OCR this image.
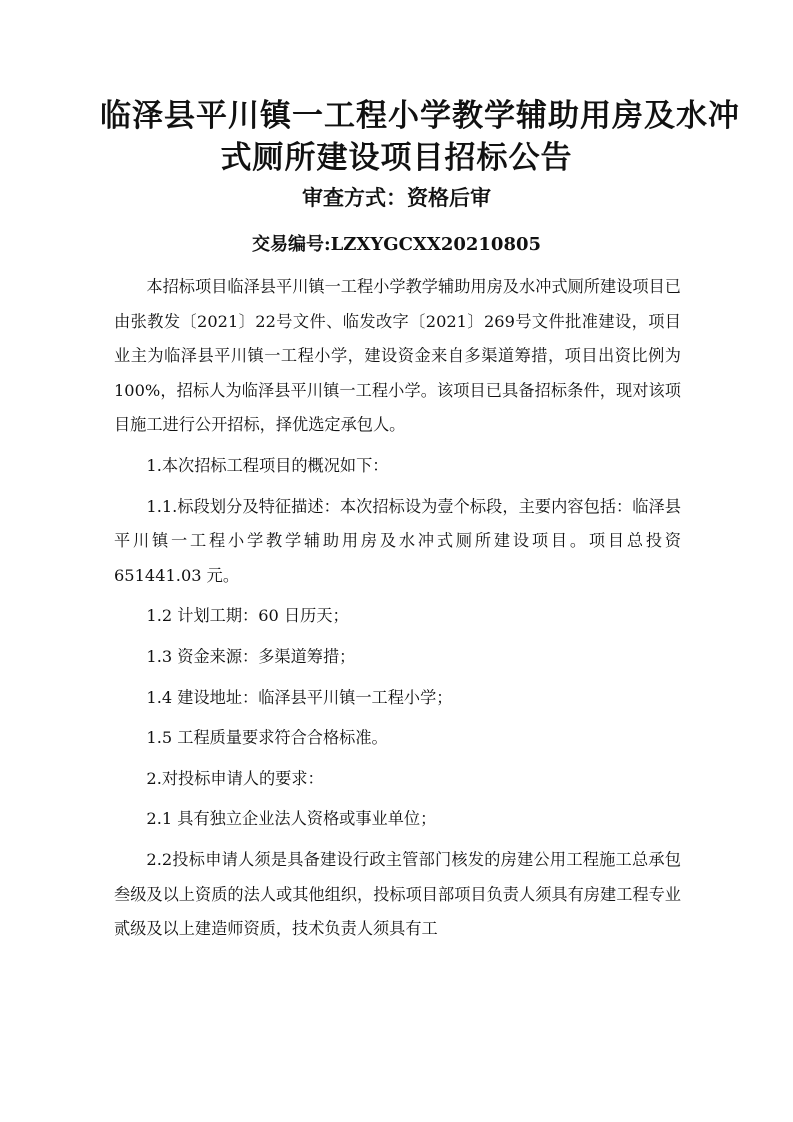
临泽县平川镇一工程小学教学辅助用房及水冲
式厕所建设项目招标公告
审查方式：资格后审
交易编号:LZXYGCXX20210805

本招标项目临泽县平川镇一工程小学教学辅助用房及水冲式厕所建设项目已由张教发〔2021〕22号文件、临发改字〔2021〕269号文件批准建设，项目业主为临泽县平川镇一工程小学，建设资金来自多渠道筹措，项目出资比例为 100%，招标人为临泽县平川镇一工程小学。该项目已具备招标条件，现对该项目施工进行公开招标，择优选定承包人。

1.本次招标工程项目的概况如下：

1.1.标段划分及特征描述：本次招标设为壹个标段，主要内容包括：临泽县平川镇一工程小学教学辅助用房及水冲式厕所建设项目。项目总投资 651441.03 元。

1.2 计划工期：60 日历天；

1.3 资金来源：多渠道筹措；

1.4 建设地址：临泽县平川镇一工程小学；

1.5 工程质量要求符合合格标准。

2.对投标申请人的要求：

2.1 具有独立企业法人资格或事业单位；

2.2投标申请人须是具备建设行政主管部门核发的房建公用工程施工总承包叁级及以上资质的法人或其他组织，投标项目部项目负责人须具有房建工程专业贰级及以上建造师资质，技术负责人须具有工
